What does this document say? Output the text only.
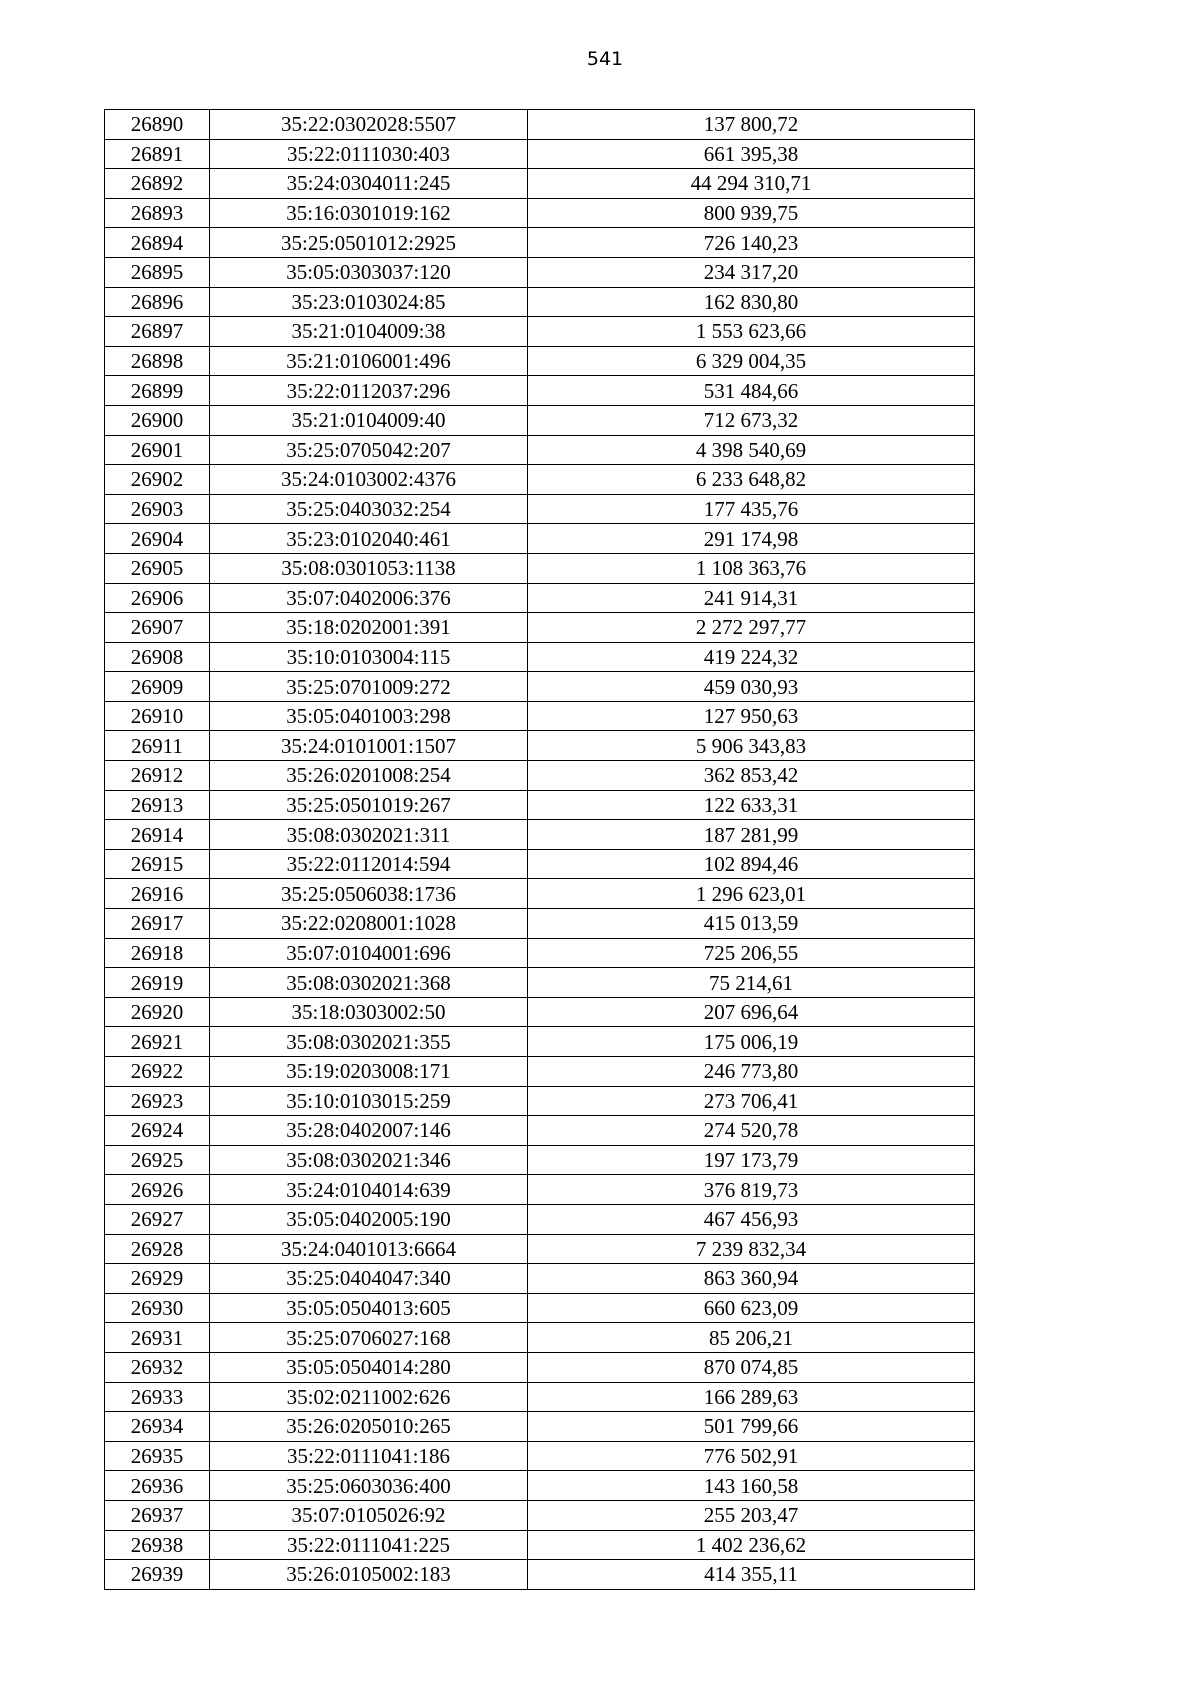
541
26890	35:22:0302028:5507	137 800,72
26891	35:22:0111030:403	661 395,38
26892	35:24:0304011:245	44 294 310,71
26893	35:16:0301019:162	800 939,75
26894	35:25:0501012:2925	726 140,23
26895	35:05:0303037:120	234 317,20
26896	35:23:0103024:85	162 830,80
26897	35:21:0104009:38	1 553 623,66
26898	35:21:0106001:496	6 329 004,35
26899	35:22:0112037:296	531 484,66
26900	35:21:0104009:40	712 673,32
26901	35:25:0705042:207	4 398 540,69
26902	35:24:0103002:4376	6 233 648,82
26903	35:25:0403032:254	177 435,76
26904	35:23:0102040:461	291 174,98
26905	35:08:0301053:1138	1 108 363,76
26906	35:07:0402006:376	241 914,31
26907	35:18:0202001:391	2 272 297,77
26908	35:10:0103004:115	419 224,32
26909	35:25:0701009:272	459 030,93
26910	35:05:0401003:298	127 950,63
26911	35:24:0101001:1507	5 906 343,83
26912	35:26:0201008:254	362 853,42
26913	35:25:0501019:267	122 633,31
26914	35:08:0302021:311	187 281,99
26915	35:22:0112014:594	102 894,46
26916	35:25:0506038:1736	1 296 623,01
26917	35:22:0208001:1028	415 013,59
26918	35:07:0104001:696	725 206,55
26919	35:08:0302021:368	75 214,61
26920	35:18:0303002:50	207 696,64
26921	35:08:0302021:355	175 006,19
26922	35:19:0203008:171	246 773,80
26923	35:10:0103015:259	273 706,41
26924	35:28:0402007:146	274 520,78
26925	35:08:0302021:346	197 173,79
26926	35:24:0104014:639	376 819,73
26927	35:05:0402005:190	467 456,93
26928	35:24:0401013:6664	7 239 832,34
26929	35:25:0404047:340	863 360,94
26930	35:05:0504013:605	660 623,09
26931	35:25:0706027:168	85 206,21
26932	35:05:0504014:280	870 074,85
26933	35:02:0211002:626	166 289,63
26934	35:26:0205010:265	501 799,66
26935	35:22:0111041:186	776 502,91
26936	35:25:0603036:400	143 160,58
26937	35:07:0105026:92	255 203,47
26938	35:22:0111041:225	1 402 236,62
26939	35:26:0105002:183	414 355,11
